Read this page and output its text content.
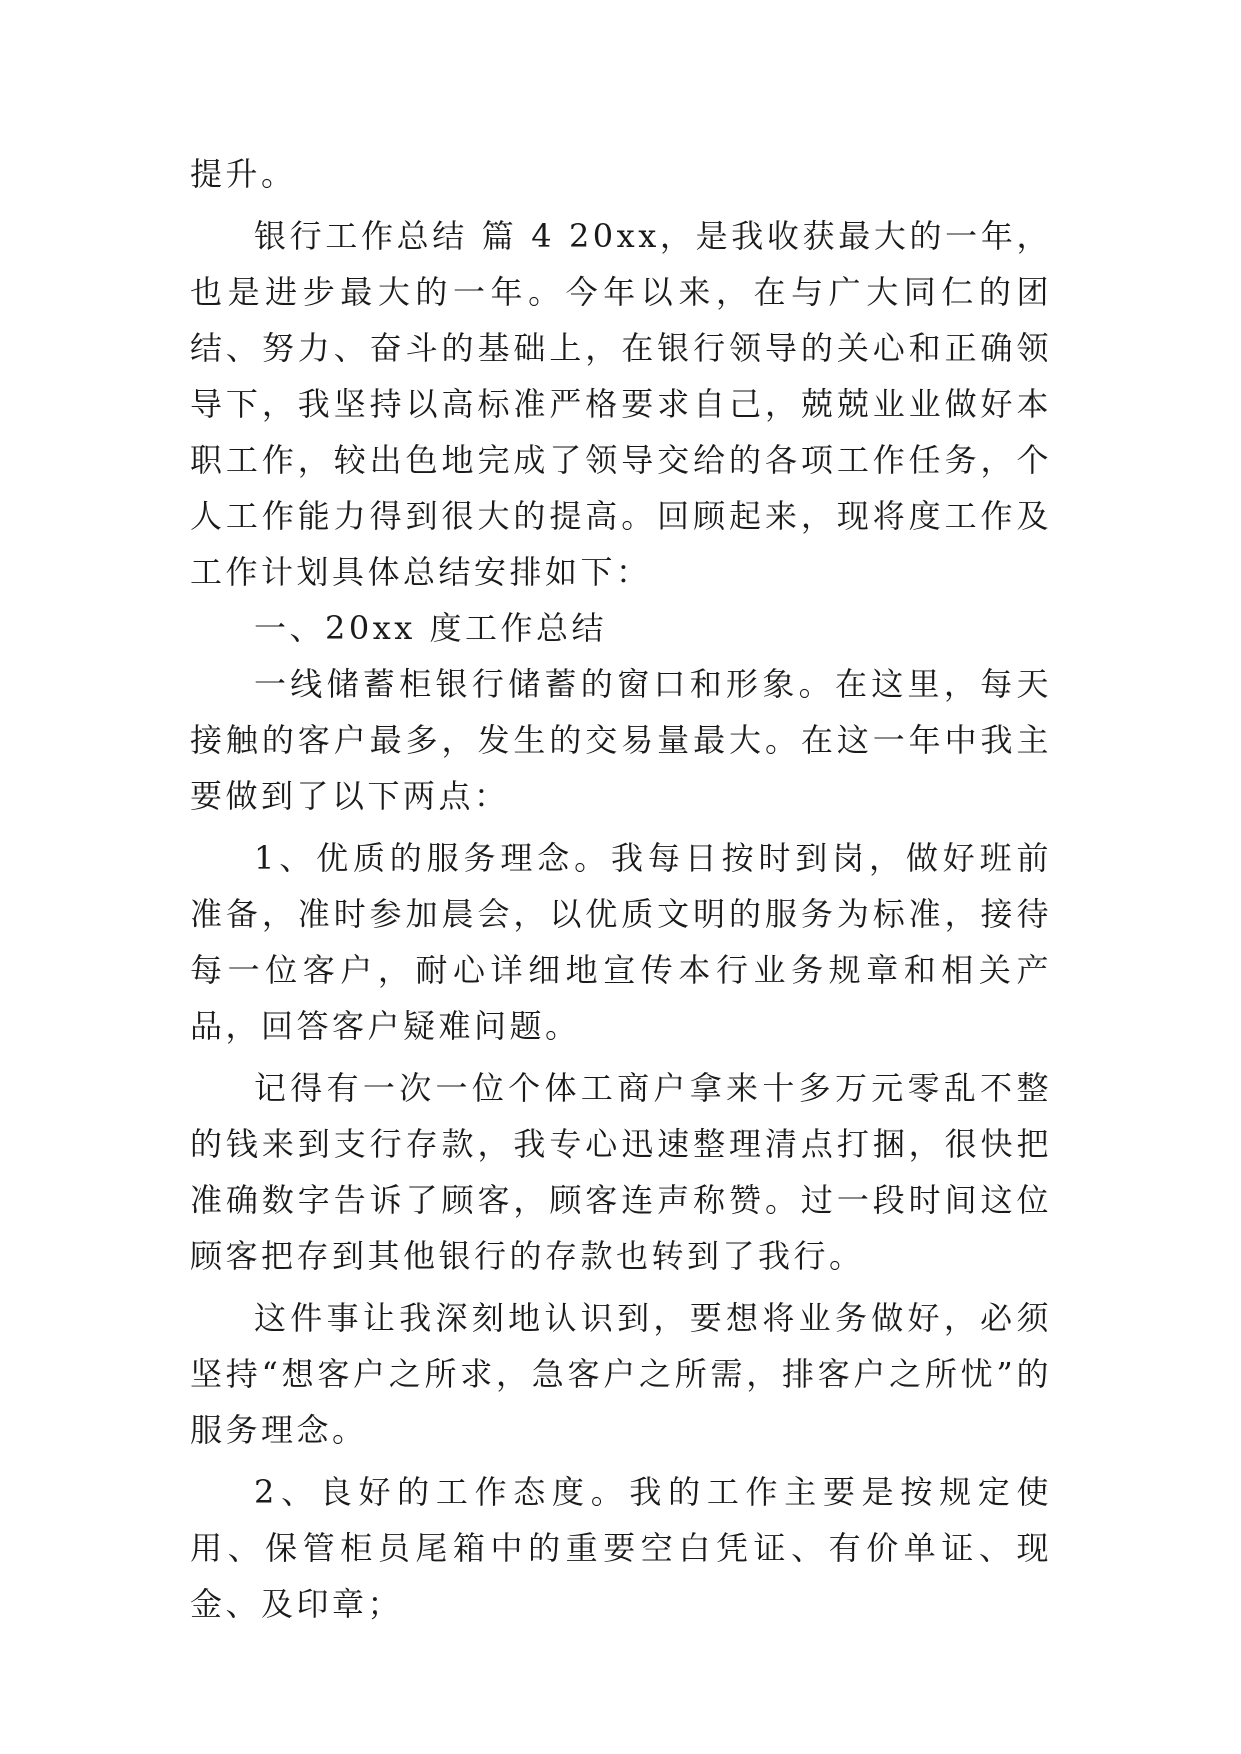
提升。

银行工作总结 篇 4 20xx，是我收获最大的一年，也是进步最大的一年。今年以来，在与广大同仁的团结、努力、奋斗的基础上，在银行领导的关心和正确领导下，我坚持以高标准严格要求自己，兢兢业业做好本职工作，较出色地完成了领导交给的各项工作任务，个人工作能力得到很大的提高。回顾起来，现将度工作及工作计划具体总结安排如下：

一、20xx 度工作总结

一线储蓄柜银行储蓄的窗口和形象。在这里，每天接触的客户最多，发生的交易量最大。在这一年中我主要做到了以下两点：

1、优质的服务理念。我每日按时到岗，做好班前准备，准时参加晨会，以优质文明的服务为标准，接待每一位客户，耐心详细地宣传本行业务规章和相关产品，回答客户疑难问题。

记得有一次一位个体工商户拿来十多万元零乱不整的钱来到支行存款，我专心迅速整理清点打捆，很快把准确数字告诉了顾客，顾客连声称赞。过一段时间这位顾客把存到其他银行的存款也转到了我行。

这件事让我深刻地认识到，要想将业务做好，必须坚持“想客户之所求，急客户之所需，排客户之所忧”的服务理念。

2、良好的工作态度。我的工作主要是按规定使用、保管柜员尾箱中的重要空白凭证、有价单证、现金、及印章；
